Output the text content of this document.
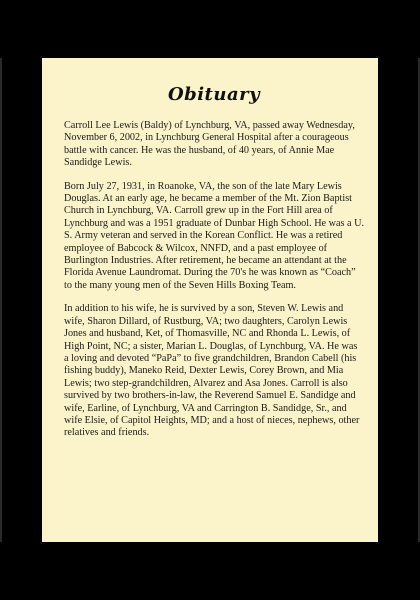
Obituary

Carroll Lee Lewis (Baldy) of Lynchburg, VA, passed away Wednesday, November 6, 2002, in Lynchburg General Hospital after a courageous battle with cancer. He was the husband, of 40 years, of Annie Mae Sandidge Lewis.

Born July 27, 1931, in Roanoke, VA, the son of the late Mary Lewis Douglas. At an early age, he became a member of the Mt. Zion Baptist Church in Lynchburg, VA. Carroll grew up in the Fort Hill area of Lynchburg and was a 1951 graduate of Dunbar High School. He was a U. S. Army veteran and served in the Korean Conflict. He was a retired employee of Babcock & Wilcox, NNFD, and a past employee of Burlington Industries. After retirement, he became an attendant at the Florida Avenue Laundromat. During the 70's he was known as “Coach” to the many young men of the Seven Hills Boxing Team.

In addition to his wife, he is survived by a son, Steven W. Lewis and wife, Sharon Dillard, of Rustburg, VA; two daughters, Carolyn Lewis Jones and husband, Ket, of Thomasville, NC and Rhonda L. Lewis, of High Point, NC; a sister, Marian L. Douglas, of Lynchburg, VA. He was a loving and devoted “PaPa” to five grandchildren, Brandon Cabell (his fishing buddy), Maneko Reid, Dexter Lewis, Corey Brown, and Mia Lewis; two step-grandchildren, Alvarez and Asa Jones. Carroll is also survived by two brothers-in-law, the Reverend Samuel E. Sandidge and wife, Earline, of Lynchburg, VA and Carrington B. Sandidge, Sr., and wife Elsie, of Capitol Heights, MD; and a host of nieces, nephews, other relatives and friends.
